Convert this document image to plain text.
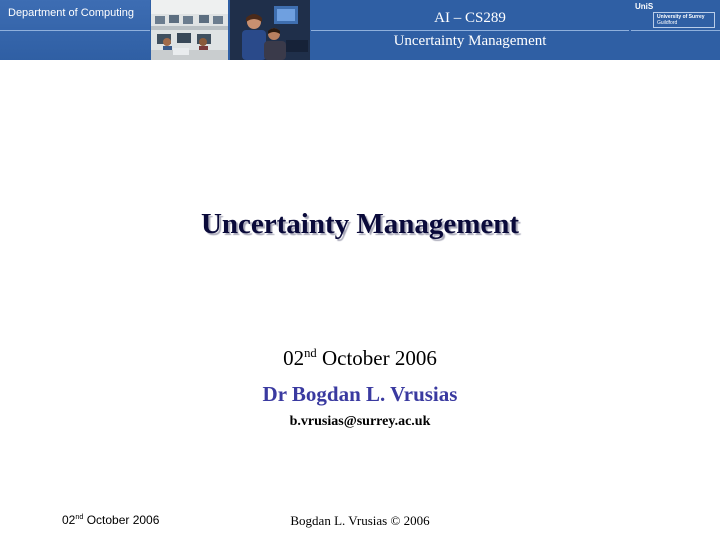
Department of Computing	AI – CS289
Uncertainty Management
UniS
University of Surrey
Guildford
Uncertainty Management
02nd October 2006
Dr Bogdan L. Vrusias
b.vrusias@surrey.ac.uk
02nd October 2006	Bogdan L. Vrusias © 2006
